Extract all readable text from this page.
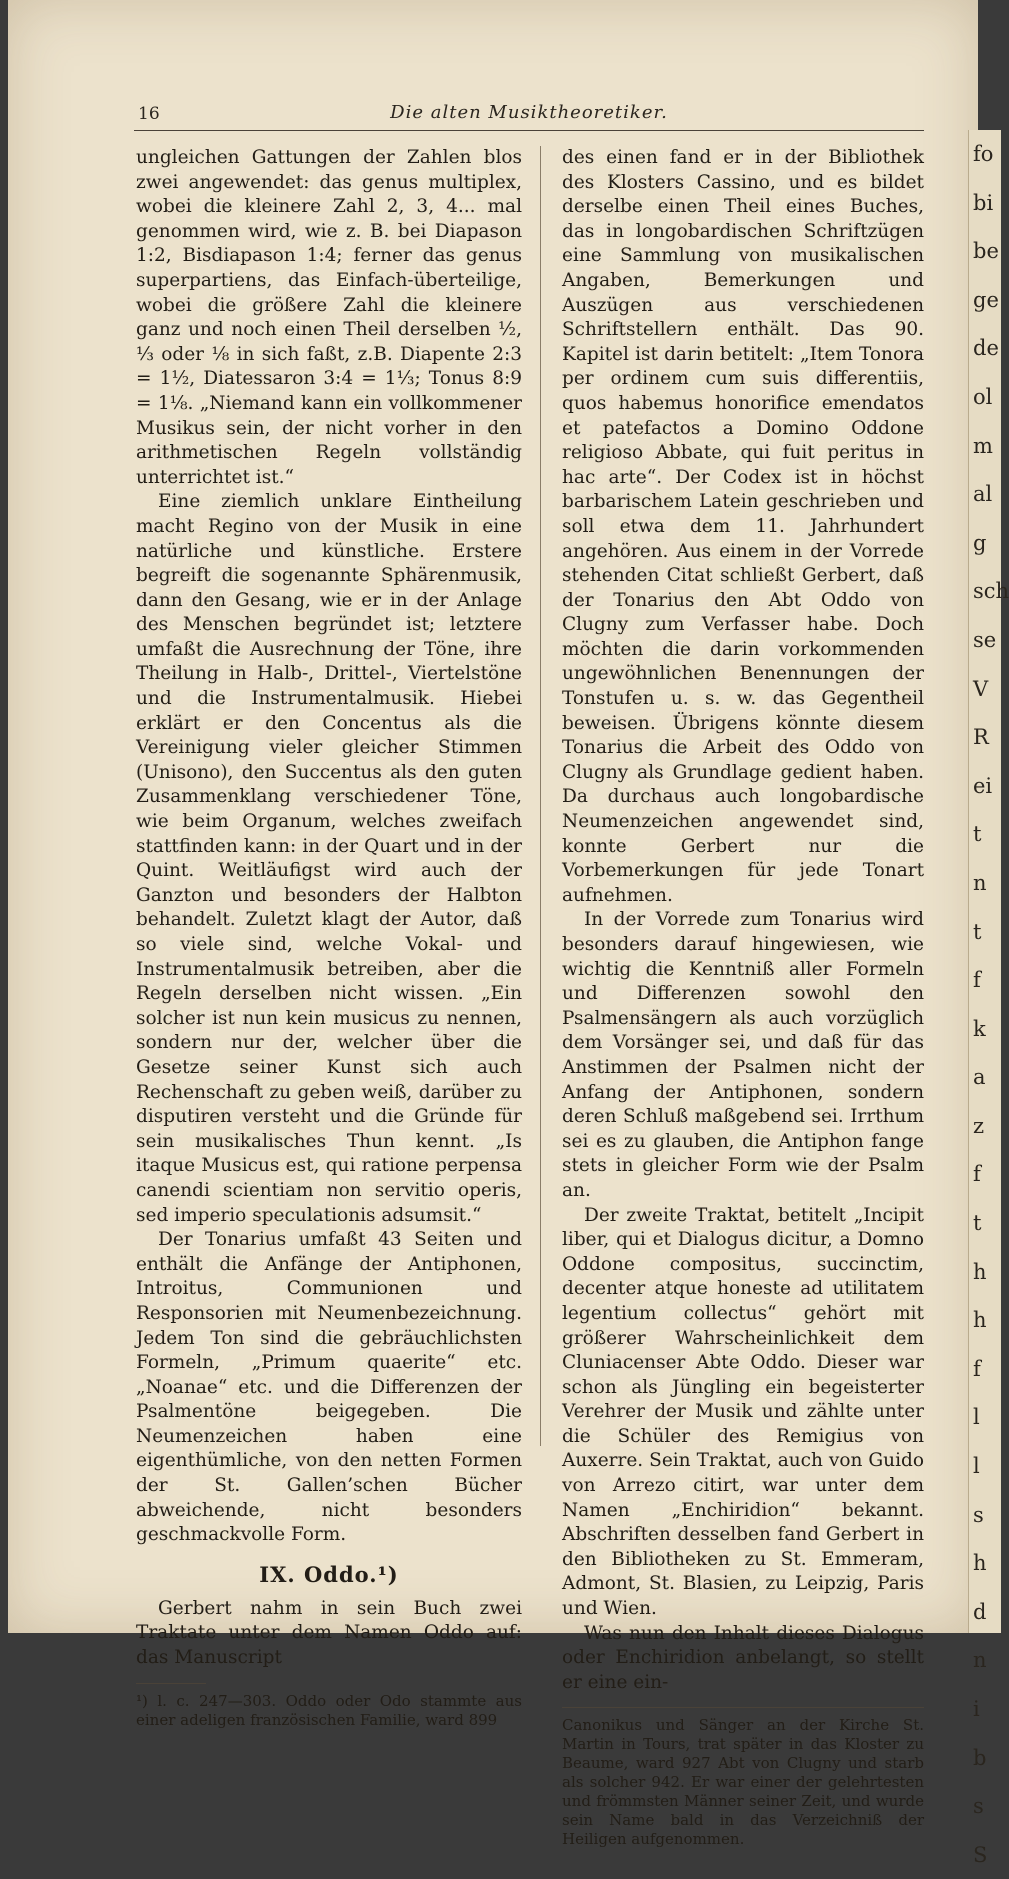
16	Die alten Musiktheoretiker.

ungleichen Gattungen der Zahlen blos zwei angewendet: das genus multiplex, wobei die kleinere Zahl 2, 3, 4... mal genommen wird, wie z. B. bei Diapason 1:2, Bisdiapason 1:4; ferner das genus superpartiens, das Einfach-überteilige, wobei die größere Zahl die kleinere ganz und noch einen Theil derselben ½, ⅓ oder ⅛ in sich faßt, z.B. Diapente 2:3 = 1½, Diatessaron 3:4 = 1⅓; Tonus 8:9 = 1⅛. „Niemand kann ein vollkommener Musikus sein, der nicht vorher in den arithmetischen Regeln vollständig unterrichtet ist.“

Eine ziemlich unklare Eintheilung macht Regino von der Musik in eine natürliche und künstliche. Erstere begreift die sogenannte Sphärenmusik, dann den Gesang, wie er in der Anlage des Menschen begründet ist; letztere umfaßt die Ausrechnung der Töne, ihre Theilung in Halb-, Drittel-, Viertelstöne und die Instrumentalmusik. Hiebei erklärt er den Concentus als die Vereinigung vieler gleicher Stimmen (Unisono), den Succentus als den guten Zusammenklang verschiedener Töne, wie beim Organum, welches zweifach stattfinden kann: in der Quart und in der Quint. Weitläufigst wird auch der Ganzton und besonders der Halbton behandelt. Zuletzt klagt der Autor, daß so viele sind, welche Vokal- und Instrumentalmusik betreiben, aber die Regeln derselben nicht wissen. „Ein solcher ist nun kein musicus zu nennen, sondern nur der, welcher über die Gesetze seiner Kunst sich auch Rechenschaft zu geben weiß, darüber zu disputiren versteht und die Gründe für sein musikalisches Thun kennt. „Is itaque Musicus est, qui ratione perpensa canendi scientiam non servitio operis, sed imperio speculationis adsumsit.“

Der Tonarius umfaßt 43 Seiten und enthält die Anfänge der Antiphonen, Introitus, Communionen und Responsorien mit Neumenbezeichnung. Jedem Ton sind die gebräuchlichsten Formeln, „Primum quaerite“ etc. „Noanae“ etc. und die Differenzen der Psalmentöne beigegeben. Die Neumenzeichen haben eine eigenthümliche, von den netten Formen der St. Gallen’schen Bücher abweichende, nicht besonders geschmackvolle Form.

IX. Oddo.¹)

Gerbert nahm in sein Buch zwei Traktate unter dem Namen Oddo auf: das Manuscript

¹) l. c. 247—303. Oddo oder Odo stammte aus einer adeligen französischen Familie, ward 899

des einen fand er in der Bibliothek des Klosters Cassino, und es bildet derselbe einen Theil eines Buches, das in longobardischen Schriftzügen eine Sammlung von musikalischen Angaben, Bemerkungen und Auszügen aus verschiedenen Schriftstellern enthält. Das 90. Kapitel ist darin betitelt: „Item Tonora per ordinem cum suis differentiis, quos habemus honorifice emendatos et patefactos a Domino Oddone religioso Abbate, qui fuit peritus in hac arte“. Der Codex ist in höchst barbarischem Latein geschrieben und soll etwa dem 11. Jahrhundert angehören. Aus einem in der Vorrede stehenden Citat schließt Gerbert, daß der Tonarius den Abt Oddo von Clugny zum Verfasser habe. Doch möchten die darin vorkommenden ungewöhnlichen Benennungen der Tonstufen u. s. w. das Gegentheil beweisen. Übrigens könnte diesem Tonarius die Arbeit des Oddo von Clugny als Grundlage gedient haben. Da durchaus auch longobardische Neumenzeichen angewendet sind, konnte Gerbert nur die Vorbemerkungen für jede Tonart aufnehmen.

In der Vorrede zum Tonarius wird besonders darauf hingewiesen, wie wichtig die Kenntniß aller Formeln und Differenzen sowohl den Psalmensängern als auch vorzüglich dem Vorsänger sei, und daß für das Anstimmen der Psalmen nicht der Anfang der Antiphonen, sondern deren Schluß maßgebend sei. Irrthum sei es zu glauben, die Antiphon fange stets in gleicher Form wie der Psalm an.

Der zweite Traktat, betitelt „Incipit liber, qui et Dialogus dicitur, a Domno Oddone compositus, succinctim, decenter atque honeste ad utilitatem legentium collectus“ gehört mit größerer Wahrscheinlichkeit dem Cluniacenser Abte Oddo. Dieser war schon als Jüngling ein begeisterter Verehrer der Musik und zählte unter die Schüler des Remigius von Auxerre. Sein Traktat, auch von Guido von Arrezo citirt, war unter dem Namen „Enchiridion“ bekannt. Abschriften desselben fand Gerbert in den Bibliotheken zu St. Emmeram, Admont, St. Blasien, zu Leipzig, Paris und Wien.

Was nun den Inhalt dieses Dialogus oder Enchiridion anbelangt, so stellt er eine ein-

Canonikus und Sänger an der Kirche St. Martin in Tours, trat später in das Kloster zu Beaume, ward 927 Abt von Clugny und starb als solcher 942. Er war einer der gelehrtesten und frömmsten Männer seiner Zeit, und wurde sein Name bald in das Verzeichniß der Heiligen aufgenommen.

fo
bi
be
ge
de
ol
m
al
g
sch
se
V
R
ei
t
n
t
f
k
a
z
f
t
h
h
f
l
l
s
h
d
n
i
b
s
S
